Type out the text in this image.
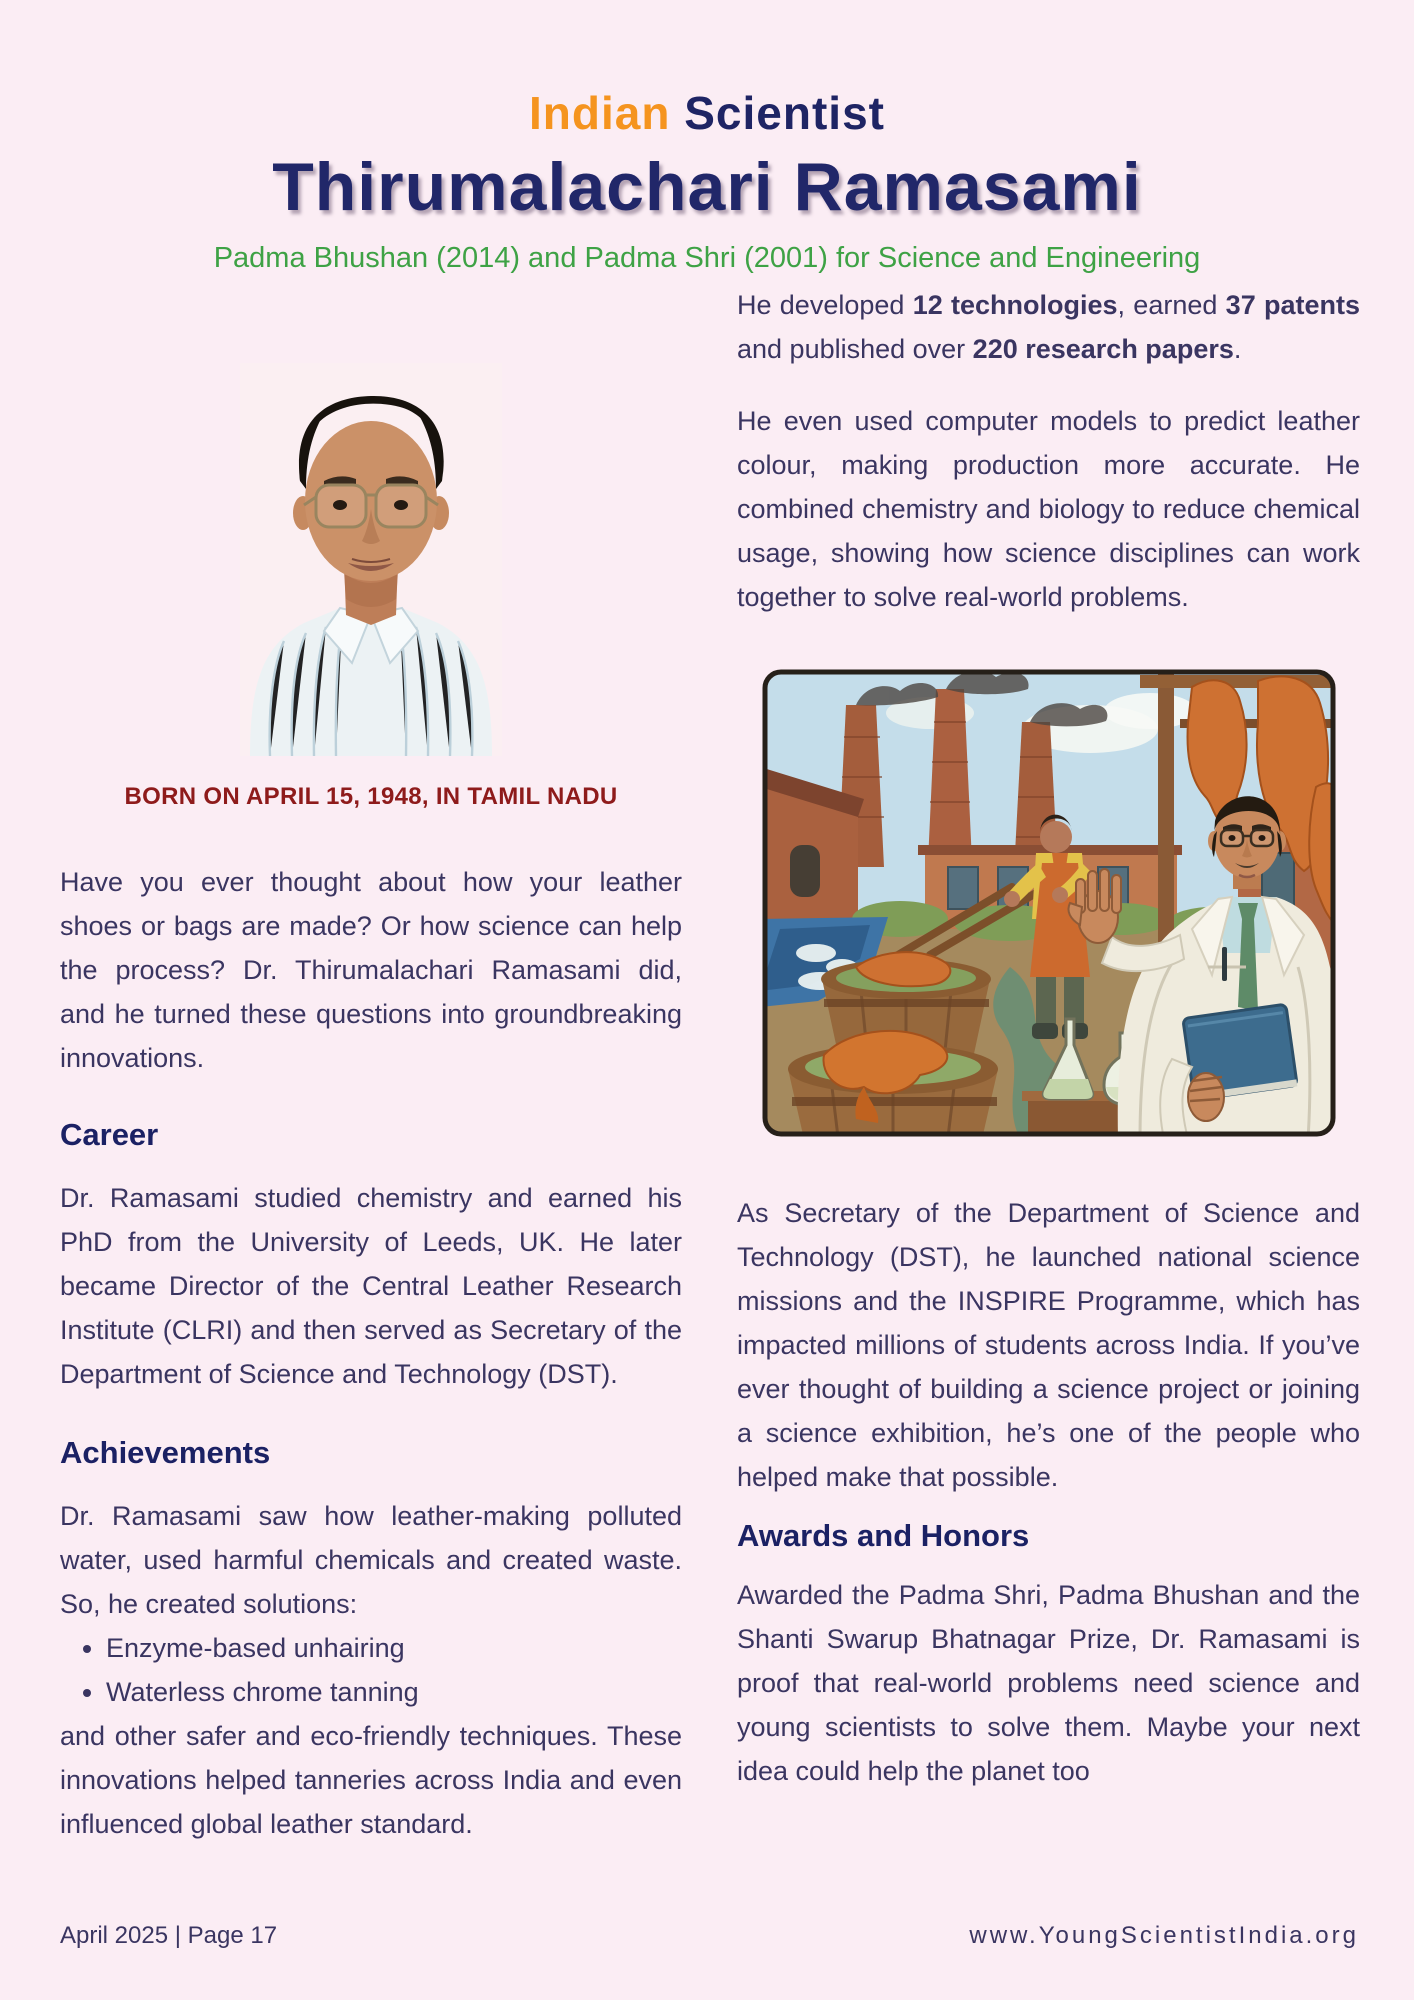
Indian Scientist
Thirumalachari Ramasami
Padma Bhushan (2014) and Padma Shri (2001) for Science and Engineering
BORN ON APRIL 15, 1948, IN TAMIL NADU

Have you ever thought about how your leather shoes or bags are made? Or how science can help the process? Dr. Thirumalachari Ramasami did, and he turned these questions into groundbreaking innovations.

Career

Dr. Ramasami studied chemistry and earned his PhD from the University of Leeds, UK. He later became Director of the Central Leather Research Institute (CLRI) and then served as Secretary of the Department of Science and Technology (DST).

Achievements

Dr. Ramasami saw how leather-making polluted water, used harmful chemicals and created waste. So, he created solutions:

• Enzyme-based unhairing
• Waterless chrome tanning

and other safer and eco-friendly techniques. These innovations helped tanneries across India and even influenced global leather standard.

He developed 12 technologies, earned 37 patents and published over 220 research papers.

He even used computer models to predict leather colour, making production more accurate. He combined chemistry and biology to reduce chemical usage, showing how science disciplines can work together to solve real-world problems.

As Secretary of the Department of Science and Technology (DST), he launched national science missions and the INSPIRE Programme, which has impacted millions of students across India. If you’ve ever thought of building a science project or joining a science exhibition, he’s one of the people who helped make that possible.

Awards and Honors

Awarded the Padma Shri, Padma Bhushan and the Shanti Swarup Bhatnagar Prize, Dr. Ramasami is proof that real-world problems need science and young scientists to solve them. Maybe your next idea could help the planet too

April 2025 | Page 17	www.YoungScientistIndia.org
